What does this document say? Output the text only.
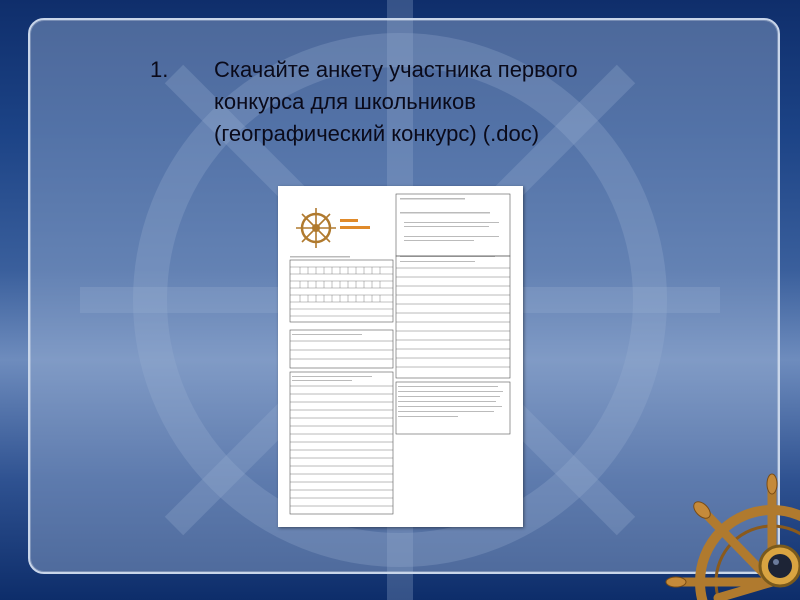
1.	Скачайте анкету участника первого конкурса для школьников (географический конкурс) (.doc)
